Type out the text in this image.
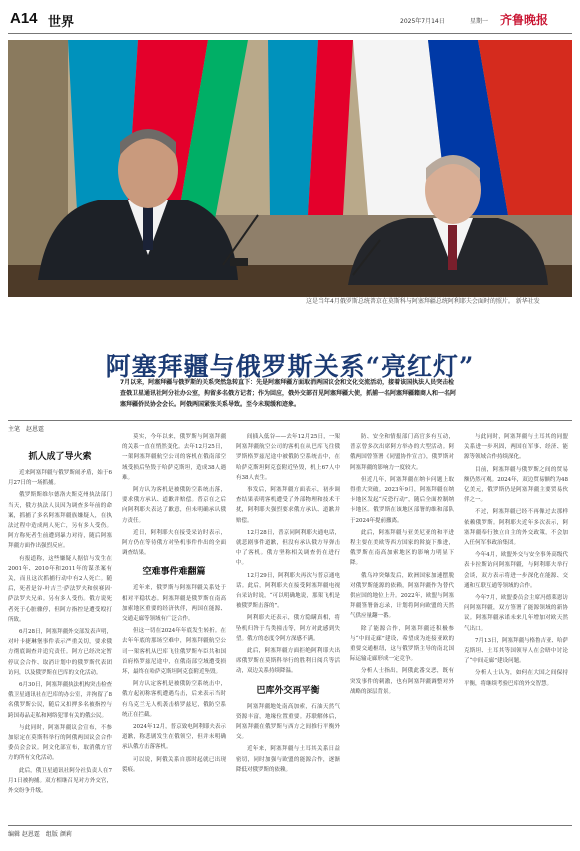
A14 世界	2025年7月14日	星期一 齐鲁晚报
这是当年4月俄罗斯总统普京在莫斯科与阿塞拜疆总统阿利耶夫会面时的照片。 新华社发
阿塞拜疆与俄罗斯关系“亮红灯”
7月以来，阿塞拜疆与俄罗斯的关系突然急转直下：先是阿塞拜疆方面取消两国议会和文化交流活动，接着该国执法人员突击检查俄卫星通讯社阿分社办公室，拘留多名俄方记者；作为回应，俄外交部召见阿塞拜疆大使，抓捕一名阿塞拜疆籍商人和一名阿塞拜疆侨民协会会长。阿俄两国紧张关系导致。至今未现缓和迹象。
主笔　赵恩霆

抓人成了导火索

近来阿塞拜疆与俄罗斯闹矛盾，始于6月27日的一场抓捕。

俄罗斯斯维尔德洛夫斯克州执法部门当天，俄方执法人员因为调查多年前的命案，抓捕了多名阿塞拜疆族嫌疑人，在执法过程中造成两人死亡，另有多人受伤。阿方称死者生前遭到暴力对待，随后阿塞拜疆方面作出强烈反应。

有报道称，这些嫌疑人据信与发生在2001年、2010年和2011年的谋杀案有关，而且这次抓捕行动中有2人死亡。随后，死者是谷-叶吉兰·萨法罗夫和侯赛因·萨法罗夫兄弟。另有多人受伤。俄方说死者死于心脏骤停，但阿方指控是遭受殴打所致。

6月28日，阿塞拜疆外交部发表声明，对叶卡捷琳堡事件表示严重关切，要求俄方彻底调查并追究责任。阿方已经决定暂停议会合作、取消计划中的俄罗斯代表团访问，以及俄罗斯在巴库的文化活动。

6月30日，阿塞拜疆执法机构突击检查俄卫星通讯社在巴库的办公室，并拘留了8名俄罗斯公民，随后又扣押多名被指控与跨国毒品走私和网络犯罪有关的俄公民。

与此同时，阿塞拜疆议会宣布，不参加原定在莫斯科举行的阿俄两国议会合作委员会会议。阿文化部宣布，取消俄方官方的所有文化活动。

此后，俄卫星通讯社阿分社负责人在7月1日被拘捕。双方相继召见对方外交官，外交纷争升级。

莫实，今年以来，俄罗斯与阿塞拜疆的关系一直在悄然变化。去年12月25日，一架阿塞拜疆航空公司的客机在俄南部空域受损后坠毁于哈萨克斯坦，造成38人遇难。

阿方认为客机是被俄防空系统击落，要求俄方承认、道歉并赔偿。普京在之后向阿利耶夫表达了歉意，但未明确承认俄方责任。

近日，阿利耶夫在接受采访时表示，阿方仍在等待俄方对坠机事件作出的全面调查结果。

空难事件难翻篇

近年来，俄罗斯与阿塞拜疆关系处于相对平稳状态。阿塞拜疆是俄罗斯在南高加索地区重要的经济伙伴，两国在能源、交通走廊等领域有广泛合作。

但这一切在2024年年底发生转折。在去年年底的那场空难中，阿塞拜疆航空公司一架客机从巴库飞往俄罗斯车臣共和国首府格罗兹尼途中，在俄南部空域遭受损坏，最终在哈萨克斯坦阿克套附近坠毁。

阿方认定客机是被俄防空系统击中，俄方起初称客机遭遇鸟击，后来表示当时有乌克兰无人机袭击格罗兹尼，俄防空系统正在拦截。

2024年12月，普京致电阿利耶夫表示道歉，称悲剧发生在俄领空，但并未明确承认俄方击落客机。

可以说，阿俄关系自那时起就已出现裂痕。

间插入低谷——去年12月25日，一架阿塞拜疆航空公司的客机在从巴库飞往俄罗斯格罗兹尼途中被俄防空系统击中，在哈萨克斯坦阿克套附近坠毁，机上67人中有38人丧生。

事发后，阿塞拜疆方面表示，初步调查结果表明客机遭受了外部物理和技术干扰，阿利耶夫强烈要求俄方承认、道歉并赔偿。

12月28日，普京同阿利耶夫通电话，就悲剧事件道歉，但没有承认俄方导弹击中了客机。俄方坚称相关调查仍在进行中。

12月29日，阿利耶夫再次与普京通电话。此后，阿利耶夫在接受阿塞拜疆电视台采访时说，“可以明确地说，那架飞机是被俄罗斯击落的”。

阿利耶夫还表示，俄方隐瞒真相，将坠机归咎于鸟类撞击等，阿方对此感到失望。俄方的态度令阿方深感不满。

此后，阿塞拜疆方面拒绝阿利耶夫出席俄罗斯在莫斯科举行的胜利日阅兵等活动，双边关系持续降温。

巴库外交再平衡

阿塞拜疆地处南高加索，石油天然气资源丰富，地缘位置重要。苏联解体后，阿塞拜疆在俄罗斯与西方之间推行平衡外交。

近年来，阿塞拜疆与土耳其关系日益密切，同时加强与欧盟的能源合作，逐渐降低对俄罗斯的依赖。

防、安全和情报部门高官多有互动，普京曾多次出席阿方举办的大型活动。阿俄两国曾签署《同盟协作宣言》，俄罗斯对阿塞拜疆的影响力一度较大。

但近几年，阿塞拜疆在纳卡问题上取得重大突破。2023年9月，阿塞拜疆在纳卡地区发起“反恐行动”，随后全面控制纳卡地区。俄罗斯在该地区部署的维和部队于2024年提前撤离。

此后，阿塞拜疆与亚美尼亚的和平进程主要在美欧等西方国家的斡旋下推进，俄罗斯在南高加索地区的影响力明显下降。

俄乌冲突爆发后，欧洲国家加速摆脱对俄罗斯能源的依赖，阿塞拜疆作为替代供应国的地位上升。2022年，欧盟与阿塞拜疆签署备忘录，计划将阿向欧盟的天然气供应量翻一番。

除了能源合作，阿塞拜疆还积极参与“中间走廊”建设，希望成为连接亚欧的重要交通枢纽，这与俄罗斯主导的南北国际运输走廊形成一定竞争。

分析人士指出，阿俄此番交恶，既有突发事件的刺激，也有阿塞拜疆调整对外战略的深层背景。

与此同时，阿塞拜疆与土耳其的同盟关系进一步巩固，两国在军事、经济、能源等领域合作持续深化。

目前，阿塞拜疆与俄罗斯之间的贸易额仍然可观。2024年，双边贸易额约为48亿美元，俄罗斯仍是阿塞拜疆主要贸易伙伴之一。

不过，阿塞拜疆已经不再像过去那样依赖俄罗斯。阿利耶夫近年多次表示，阿塞拜疆奉行独立自主的外交政策，不会加入任何军事政治集团。

今年4月，欧盟外交与安全事务高级代表卡拉斯访问阿塞拜疆，与阿利耶夫举行会谈，双方表示将进一步深化在能源、交通和互联互通等领域的合作。

今年7月，欧盟委员会主席冯德莱恩访问阿塞拜疆，双方签署了能源领域的新协议。阿塞拜疆承诺未来几年增加对欧天然气出口。

7月13日，阿塞拜疆与格鲁吉亚、哈萨克斯坦、土耳其等国领导人在会晤中讨论了“中间走廊”建设问题。

分析人士认为，如何在大国之间保持平衡，将继续考验巴库的外交智慧。

编辑 赵恩霆　组版 颜莉
